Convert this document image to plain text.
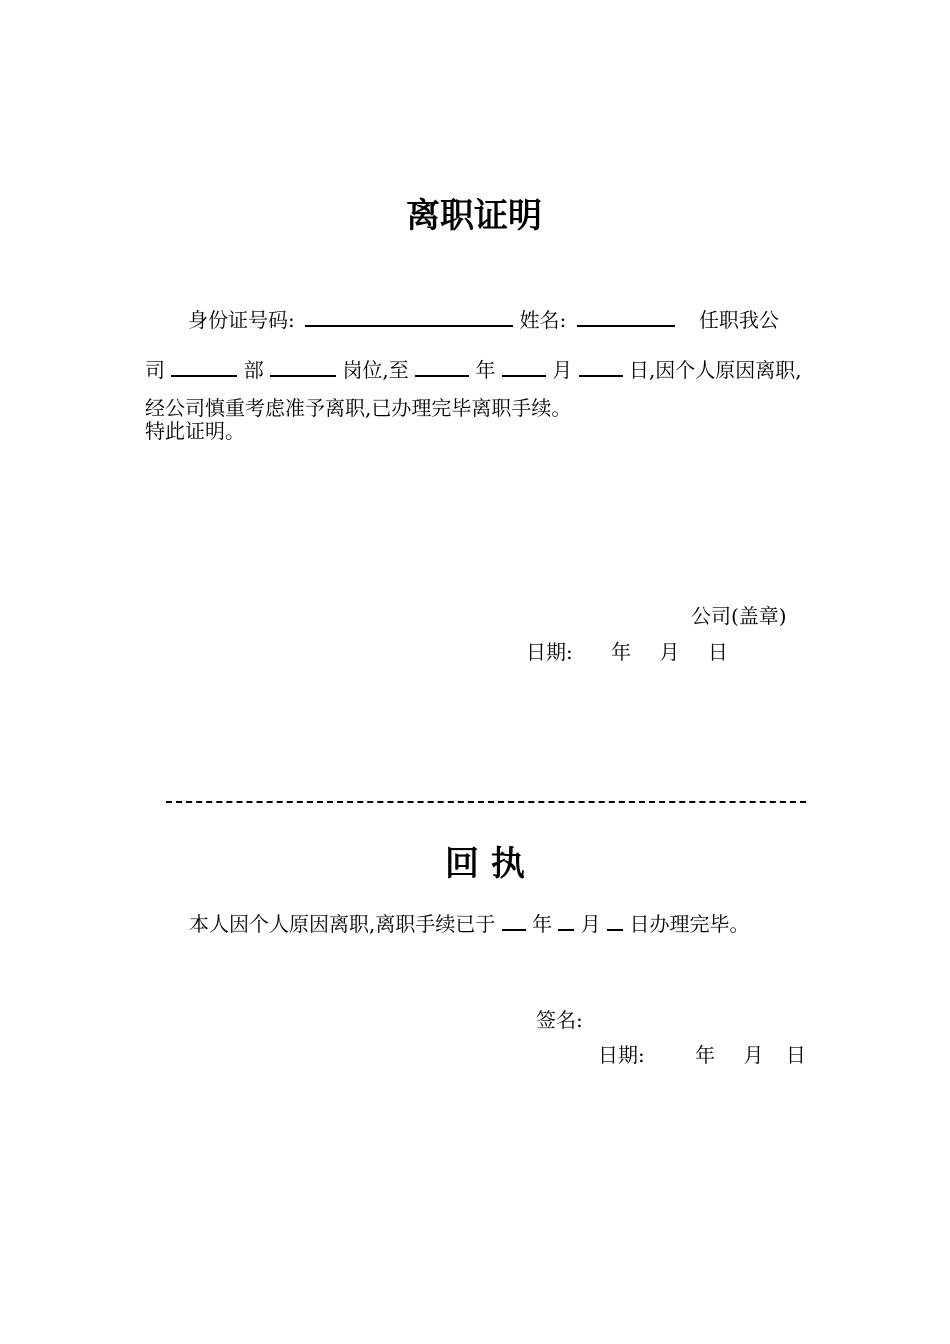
离职证明
身份证号码:	姓名:	任职我公
司	部	岗位,至	年	月	日,因个人原因离职,
经公司慎重考虑准予离职,已办理完毕离职手续。
特此证明。
公司(盖章)
日期: 年 月 日
回 执
本人因个人原因离职,离职手续已于 年 月 日办理完毕。
签名:
日期:	年 月 日
